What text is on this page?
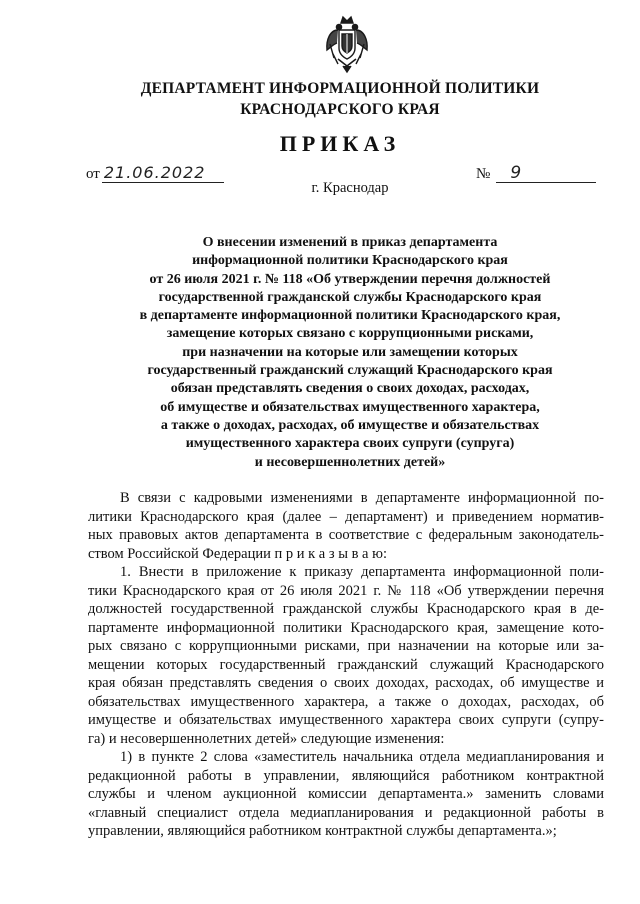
ДЕПАРТАМЕНТ ИНФОРМАЦИОННОЙ ПОЛИТИКИ
КРАСНОДАРСКОГО КРАЯ
ПРИКАЗ
от 21.06.2022	№	9
г. Краснодар
О внесении изменений в приказ департамента
информационной политики Краснодарского края
от 26 июля 2021 г. № 118 «Об утверждении перечня должностей
государственной гражданской службы Краснодарского края
в департаменте информационной политики Краснодарского края,
замещение которых связано с коррупционными рисками,
при назначении на которые или замещении которых
государственный гражданский служащий Краснодарского края
обязан представлять сведения о своих доходах, расходах,
об имуществе и обязательствах имущественного характера,
а также о доходах, расходах, об имуществе и обязательствах
имущественного характера своих супруги (супруга)
и несовершеннолетних детей»
В связи с кадровыми изменениями в департаменте информационной по-
литики Краснодарского края (далее – департамент) и приведением норматив-
ных правовых актов департамента в соответствие с федеральным законодатель-
ством Российской Федерации п р и к а з ы в а ю:
1. Внести в приложение к приказу департамента информационной поли-
тики Краснодарского края от 26 июля 2021 г. № 118 «Об утверждении перечня
должностей государственной гражданской службы Краснодарского края в де-
партаменте информационной политики Краснодарского края, замещение кото-
рых связано с коррупционными рисками, при назначении на которые или за-
мещении которых государственный гражданский служащий Краснодарского
края обязан представлять сведения о своих доходах, расходах, об имуществе и
обязательствах имущественного характера, а также о доходах, расходах, об
имуществе и обязательствах имущественного характера своих супруги (супру-
га) и несовершеннолетних детей» следующие изменения:
1) в пункте 2 слова «заместитель начальника отдела медиапланирования и
редакционной работы в управлении, являющийся работником контрактной
службы и членом аукционной комиссии департамента.» заменить словами
«главный специалист отдела медиапланирования и редакционной работы в
управлении, являющийся работником контрактной службы департамента.»;
